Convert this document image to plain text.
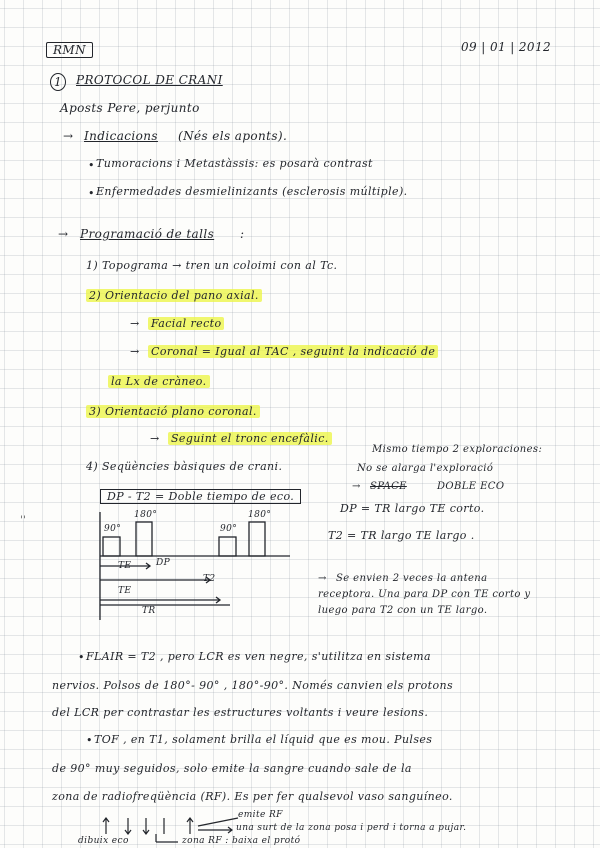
RMN	09 | 01 | 2012
1	PROTOCOL DE CRANI
Aposts Pere, perjunto
→ Indicacions (Nés els aponts).
• Tumoracions i Metastàssis: es posarà contrast
• Enfermedades desmielinizants (esclerosis múltiple).
→ Programació de talls :
1) Topograma → tren un coloimi con al Tc.
2) Orientacio del pano axial.
→ Facial recto
→ Coronal = Igual al TAC , seguint la indicació de
la Lx de cràneo.
3) Orientació plano coronal.
→ Seguint el tronc encefàlic.
4) Seqüències bàsiques de crani.
Mismo tiempo 2 exploraciones:
No se alarga l'exploració
→ SPACE	DOBLE ECO
DP = TR largo TE corto.
T2 = TR largo TE largo .
→ Se envien 2 veces la antena
receptora. Una para DP con TE corto y
luego para T2 con un TE largo.
DP - T2 = Doble tiempo de eco.
90°
180°
90°
180°
TE	DP
T2
TE
TR
''
• FLAIR = T2 , pero LCR es ven negre, s'utilitza en sistema
nervios. Polsos de 180°- 90° , 180°-90°. Només canvien els protons
del LCR per contrastar les estructures voltants i veure lesions.
• TOF , en T1, solament brilla el líquid que es mou. Pulses
de 90° muy seguidos, solo emite la sangre cuando sale de la
zona de radiofreqüència (RF). Es per fer qualsevol vaso sanguíneo.
emite RF
una surt de la zona posa i perd i torna a pujar.
dibuix eco	zona RF : baixa el protó
